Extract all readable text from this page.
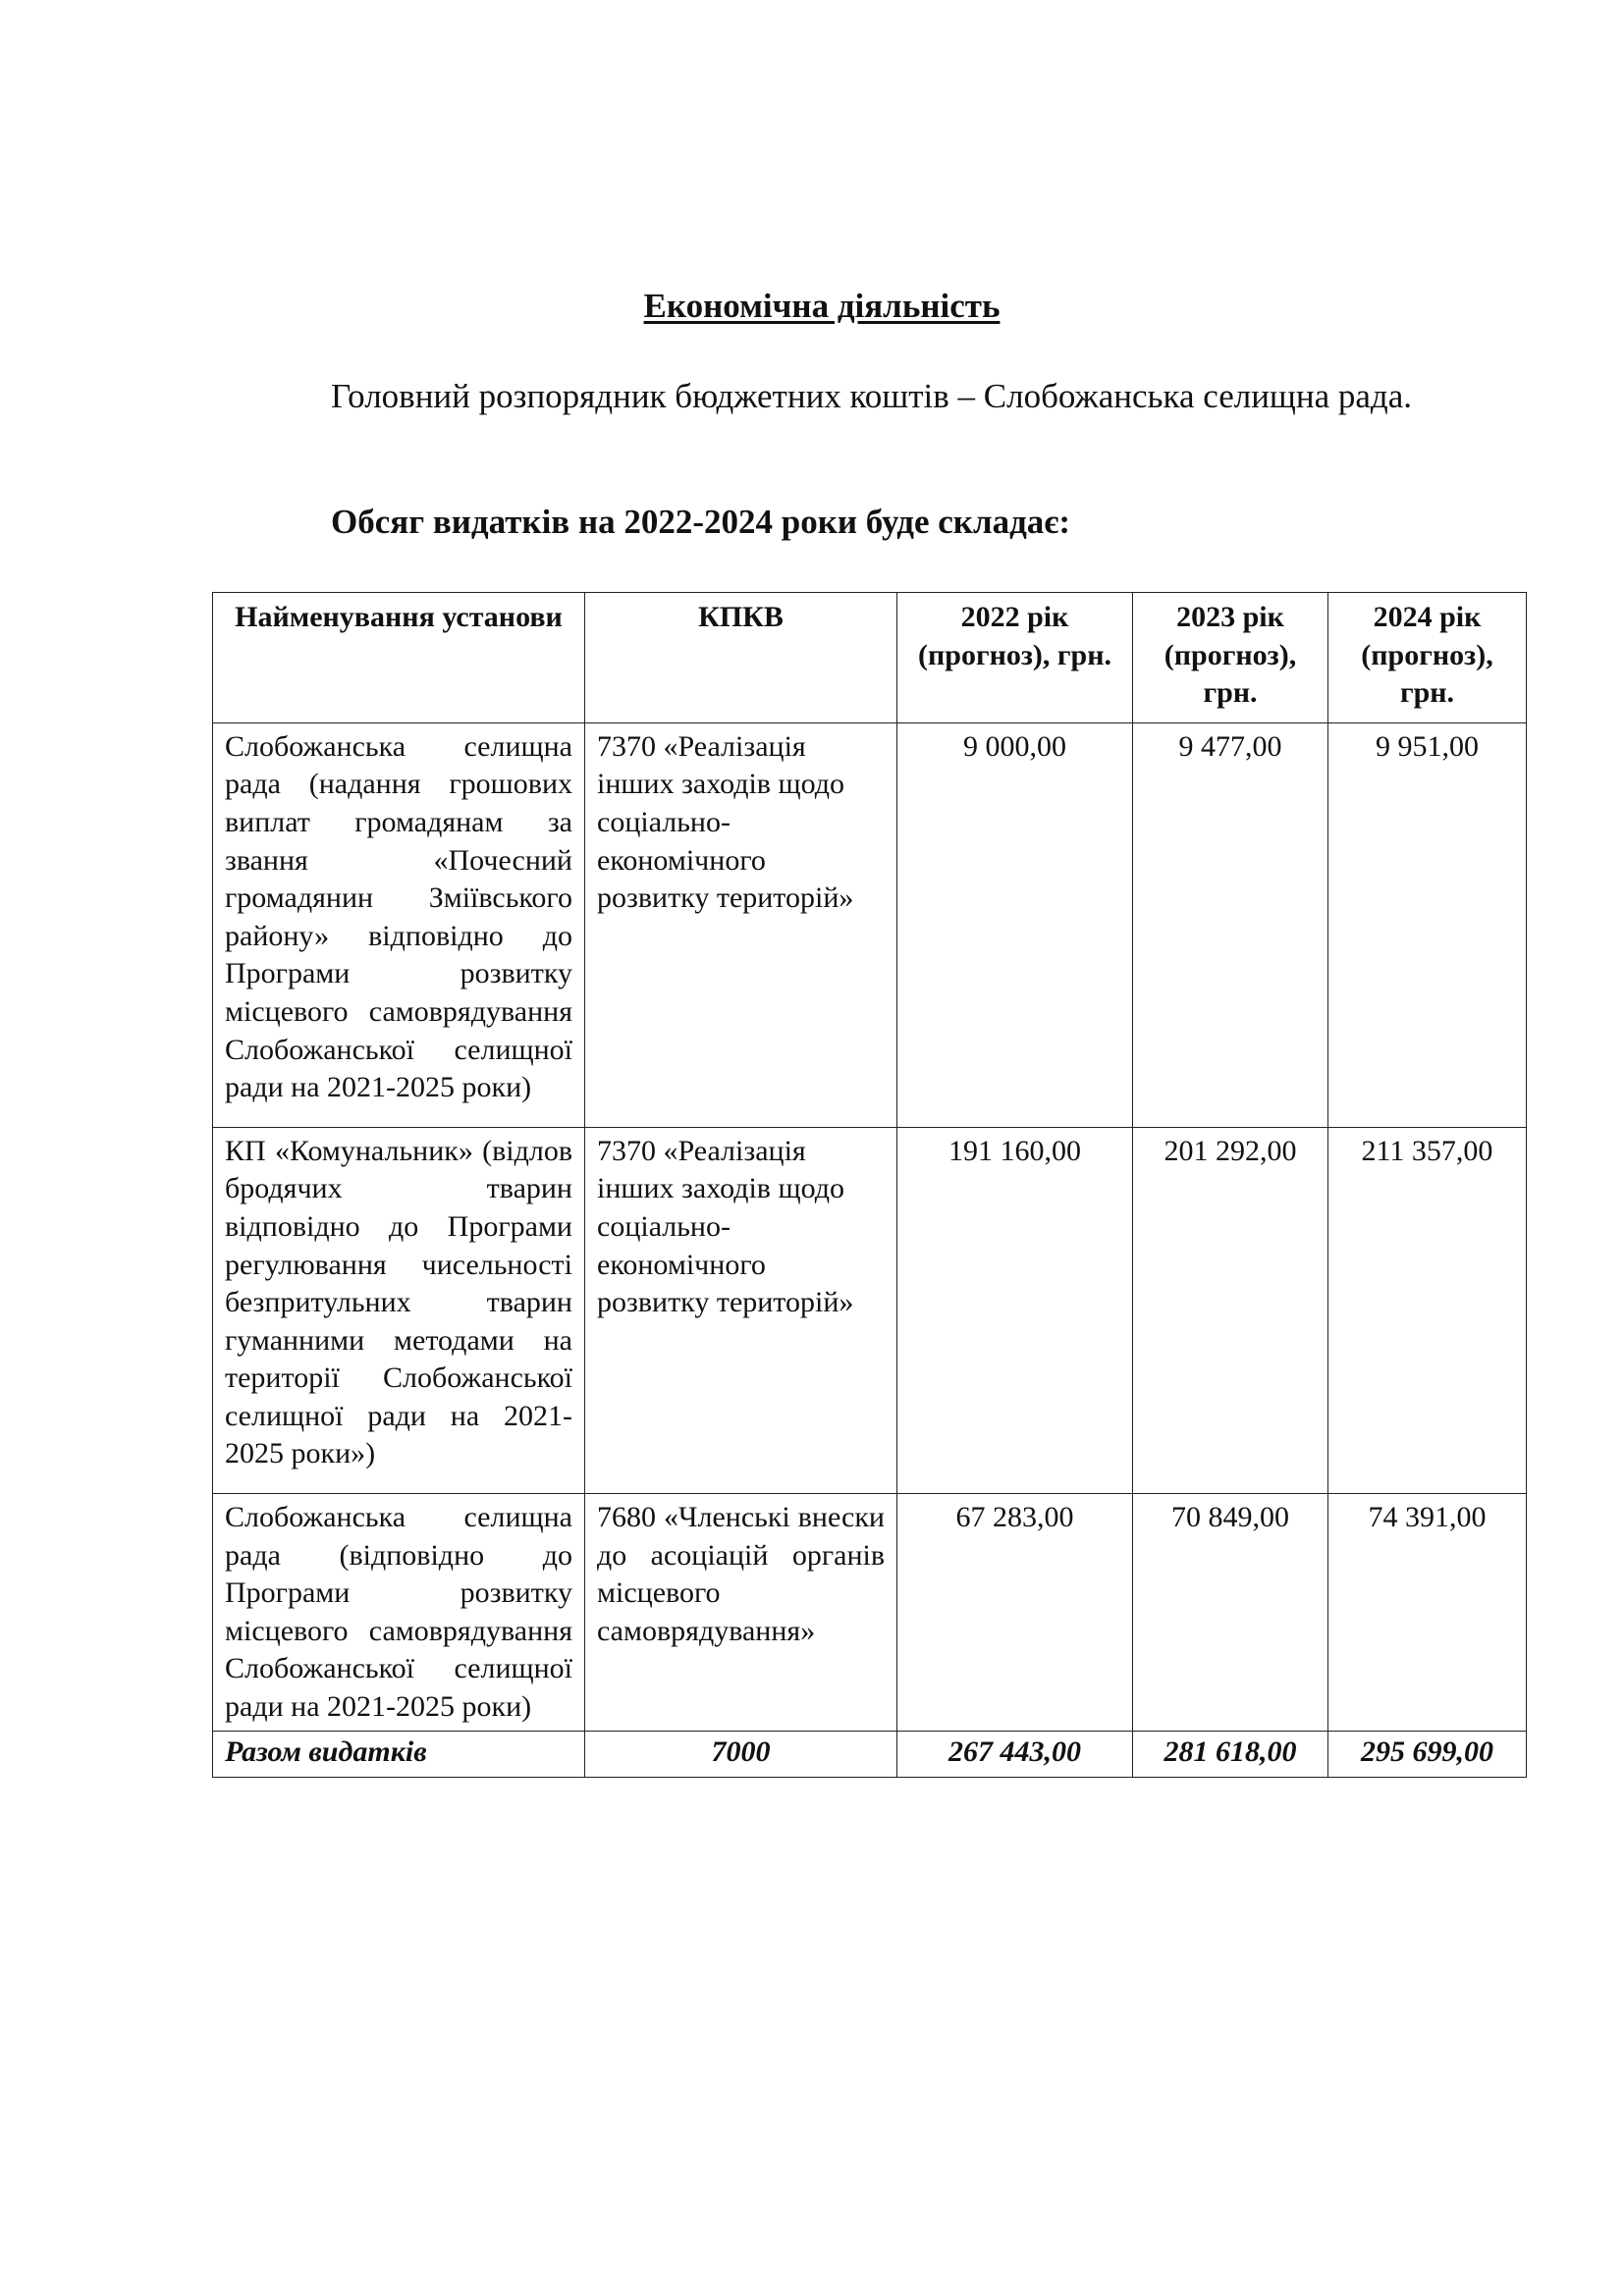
Економічна діяльність

Головний розпорядник бюджетних коштів – Слобожанська селищна рада.

Обсяг видатків на 2022-2024 роки буде складає:

Найменування установи	КПКВ	2022 рік (прогноз), грн.	2023 рік (прогноз), грн.	2024 рік (прогноз), грн.
Слобожанська селищна рада (надання грошових виплат громадянам за звання «Почесний громадянин Зміївського району» відповідно до Програми розвитку місцевого самоврядування Слобожанської селищної ради на 2021-2025 роки)	7370 «Реалізація інших заходів щодо соціально-економічного розвитку територій»	9 000,00	9 477,00	9 951,00
КП «Комунальник» (відлов бродячих тварин відповідно до Програми регулювання чисельності безпритульних тварин гуманними методами на території Слобожанської селищної ради на 2021-2025 роки»)	7370 «Реалізація інших заходів щодо соціально-економічного розвитку територій»	191 160,00	201 292,00	211 357,00
Слобожанська селищна рада (відповідно до Програми розвитку місцевого самоврядування Слобожанської селищної ради на 2021-2025 роки)	7680 «Членські внески до асоціацій органів місцевого самоврядування»	67 283,00	70 849,00	74 391,00
Разом видатків	7000	267 443,00	281 618,00	295 699,00
